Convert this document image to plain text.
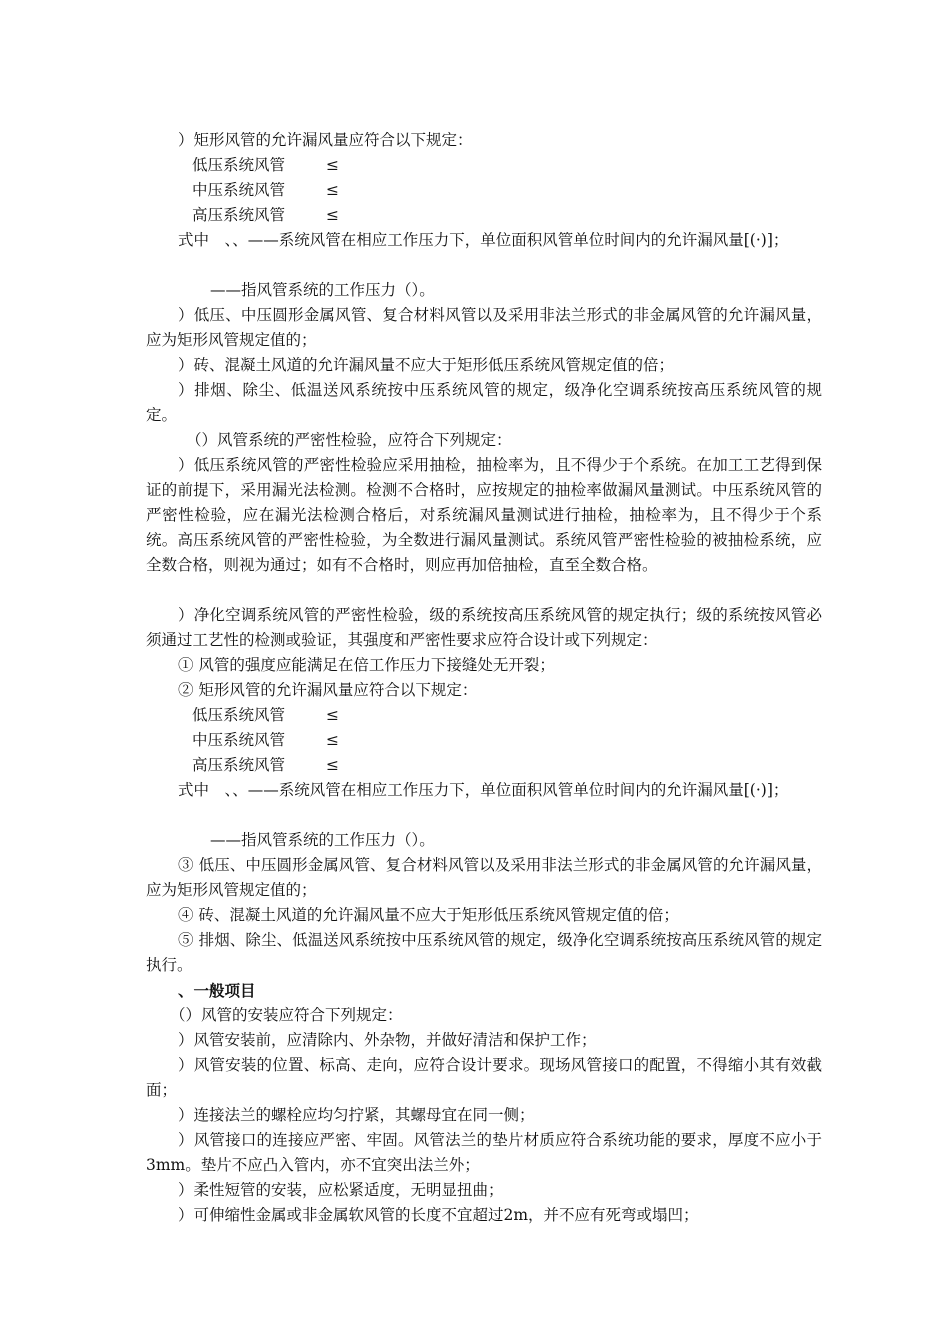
）矩形风管的允许漏风量应符合以下规定：
低压系统风管	≤
中压系统风管	≤
高压系统风管	≤
式中　、、——系统风管在相应工作压力下，单位面积风管单位时间内的允许漏风量[(·)]；
——指风管系统的工作压力（）。
）低压、中压圆形金属风管、复合材料风管以及采用非法兰形式的非金属风管的允许漏风量，应为矩形风管规定值的；
）砖、混凝土风道的允许漏风量不应大于矩形低压系统风管规定值的倍；
）排烟、除尘、低温送风系统按中压系统风管的规定，级净化空调系统按高压系统风管的规定。
（）风管系统的严密性检验，应符合下列规定：
）低压系统风管的严密性检验应采用抽检，抽检率为，且不得少于个系统。在加工工艺得到保证的前提下，采用漏光法检测。检测不合格时，应按规定的抽检率做漏风量测试。中压系统风管的严密性检验，应在漏光法检测合格后，对系统漏风量测试进行抽检，抽检率为，且不得少于个系统。高压系统风管的严密性检验，为全数进行漏风量测试。系统风管严密性检验的被抽检系统，应全数合格，则视为通过；如有不合格时，则应再加倍抽检，直至全数合格。
）净化空调系统风管的严密性检验，级的系统按高压系统风管的规定执行；级的系统按风管必须通过工艺性的检测或验证，其强度和严密性要求应符合设计或下列规定：
① 风管的强度应能满足在倍工作压力下接缝处无开裂；
② 矩形风管的允许漏风量应符合以下规定：
低压系统风管	≤
中压系统风管	≤
高压系统风管	≤
式中　、、——系统风管在相应工作压力下，单位面积风管单位时间内的允许漏风量[(·)]；
——指风管系统的工作压力（）。
③ 低压、中压圆形金属风管、复合材料风管以及采用非法兰形式的非金属风管的允许漏风量，应为矩形风管规定值的；
④ 砖、混凝土风道的允许漏风量不应大于矩形低压系统风管规定值的倍；
⑤ 排烟、除尘、低温送风系统按中压系统风管的规定，级净化空调系统按高压系统风管的规定执行。
、一般项目
（）风管的安装应符合下列规定：
）风管安装前，应清除内、外杂物，并做好清洁和保护工作；
）风管安装的位置、标高、走向，应符合设计要求。现场风管接口的配置，不得缩小其有效截面；
）连接法兰的螺栓应均匀拧紧，其螺母宜在同一侧；
）风管接口的连接应严密、牢固。风管法兰的垫片材质应符合系统功能的要求，厚度不应小于3mm。垫片不应凸入管内，亦不宜突出法兰外；
）柔性短管的安装，应松紧适度，无明显扭曲；
）可伸缩性金属或非金属软风管的长度不宜超过2m，并不应有死弯或塌凹；
